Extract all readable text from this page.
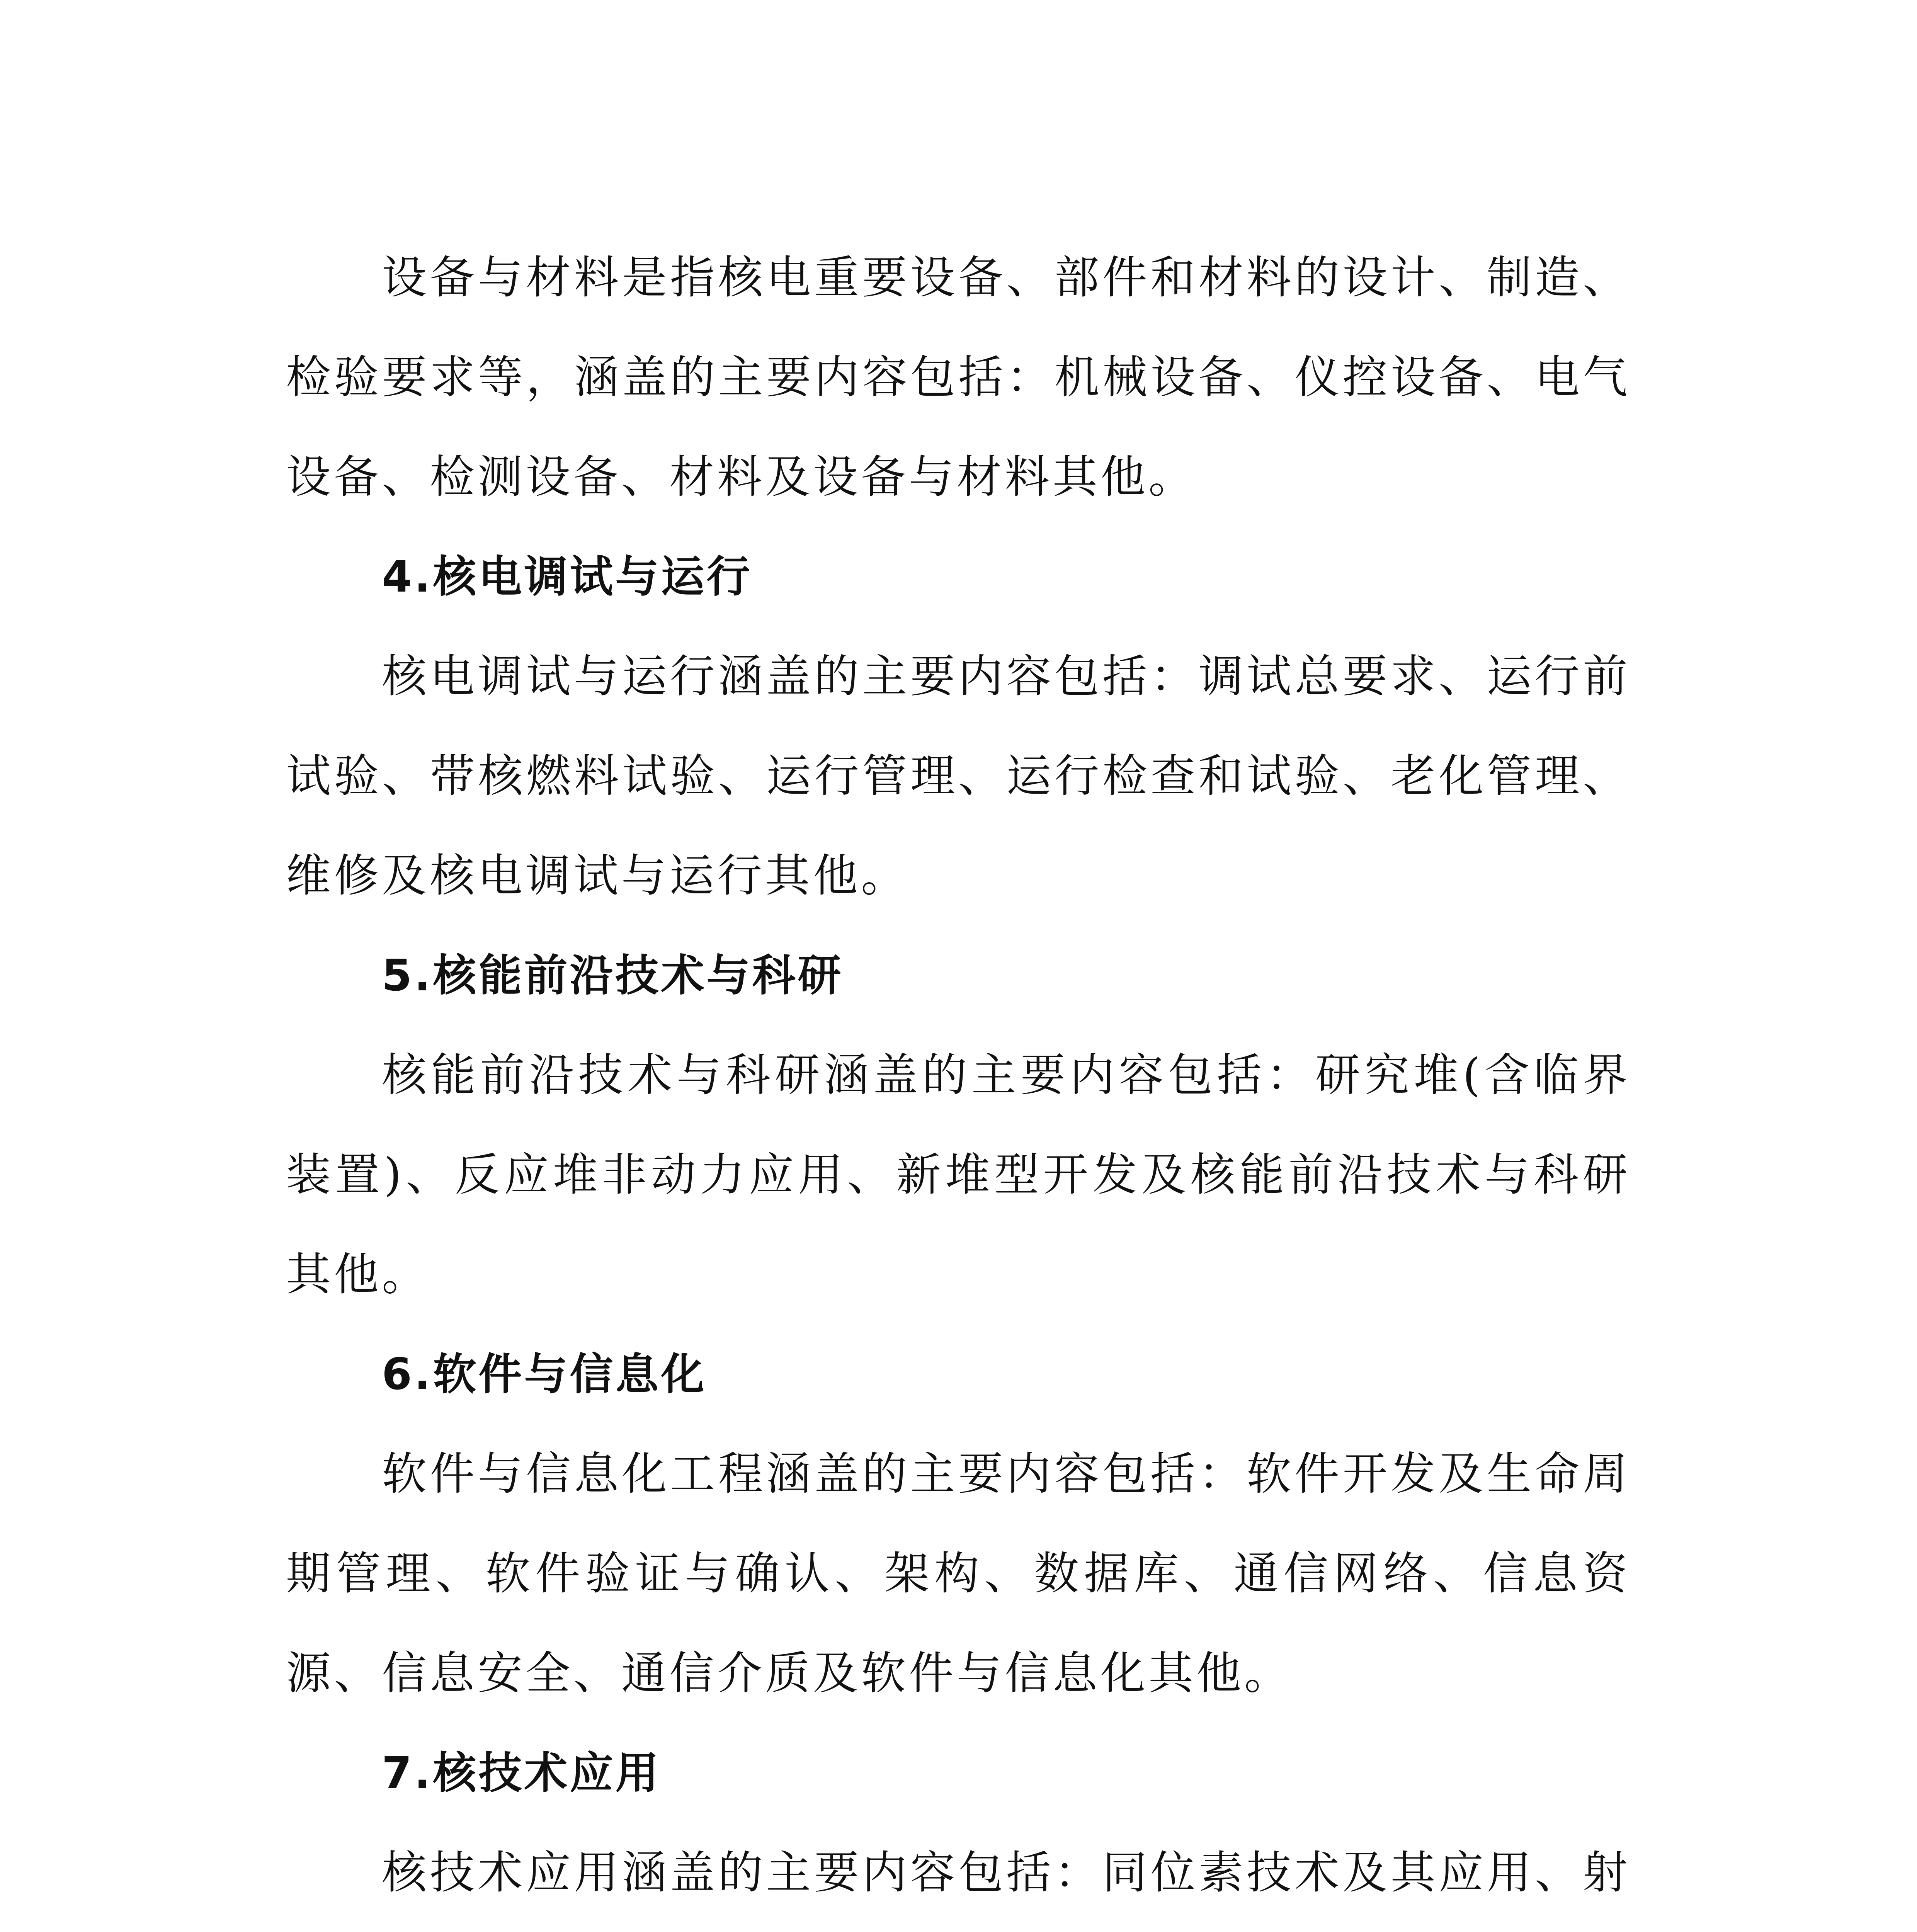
设备与材料是指核电重要设备、部件和材料的设计、制造、检验要求等，涵盖的主要内容包括：机械设备、仪控设备、电气设备、检测设备、材料及设备与材料其他。

4.核电调试与运行

核电调试与运行涵盖的主要内容包括：调试总要求、运行前试验、带核燃料试验、运行管理、运行检查和试验、老化管理、维修及核电调试与运行其他。

5.核能前沿技术与科研

核能前沿技术与科研涵盖的主要内容包括：研究堆(含临界装置)、反应堆非动力应用、新堆型开发及核能前沿技术与科研其他。

6.软件与信息化

软件与信息化工程涵盖的主要内容包括：软件开发及生命周期管理、软件验证与确认、架构、数据库、通信网络、信息资源、信息安全、通信介质及软件与信息化其他。

7.核技术应用

核技术应用涵盖的主要内容包括：同位素技术及其应用、射
